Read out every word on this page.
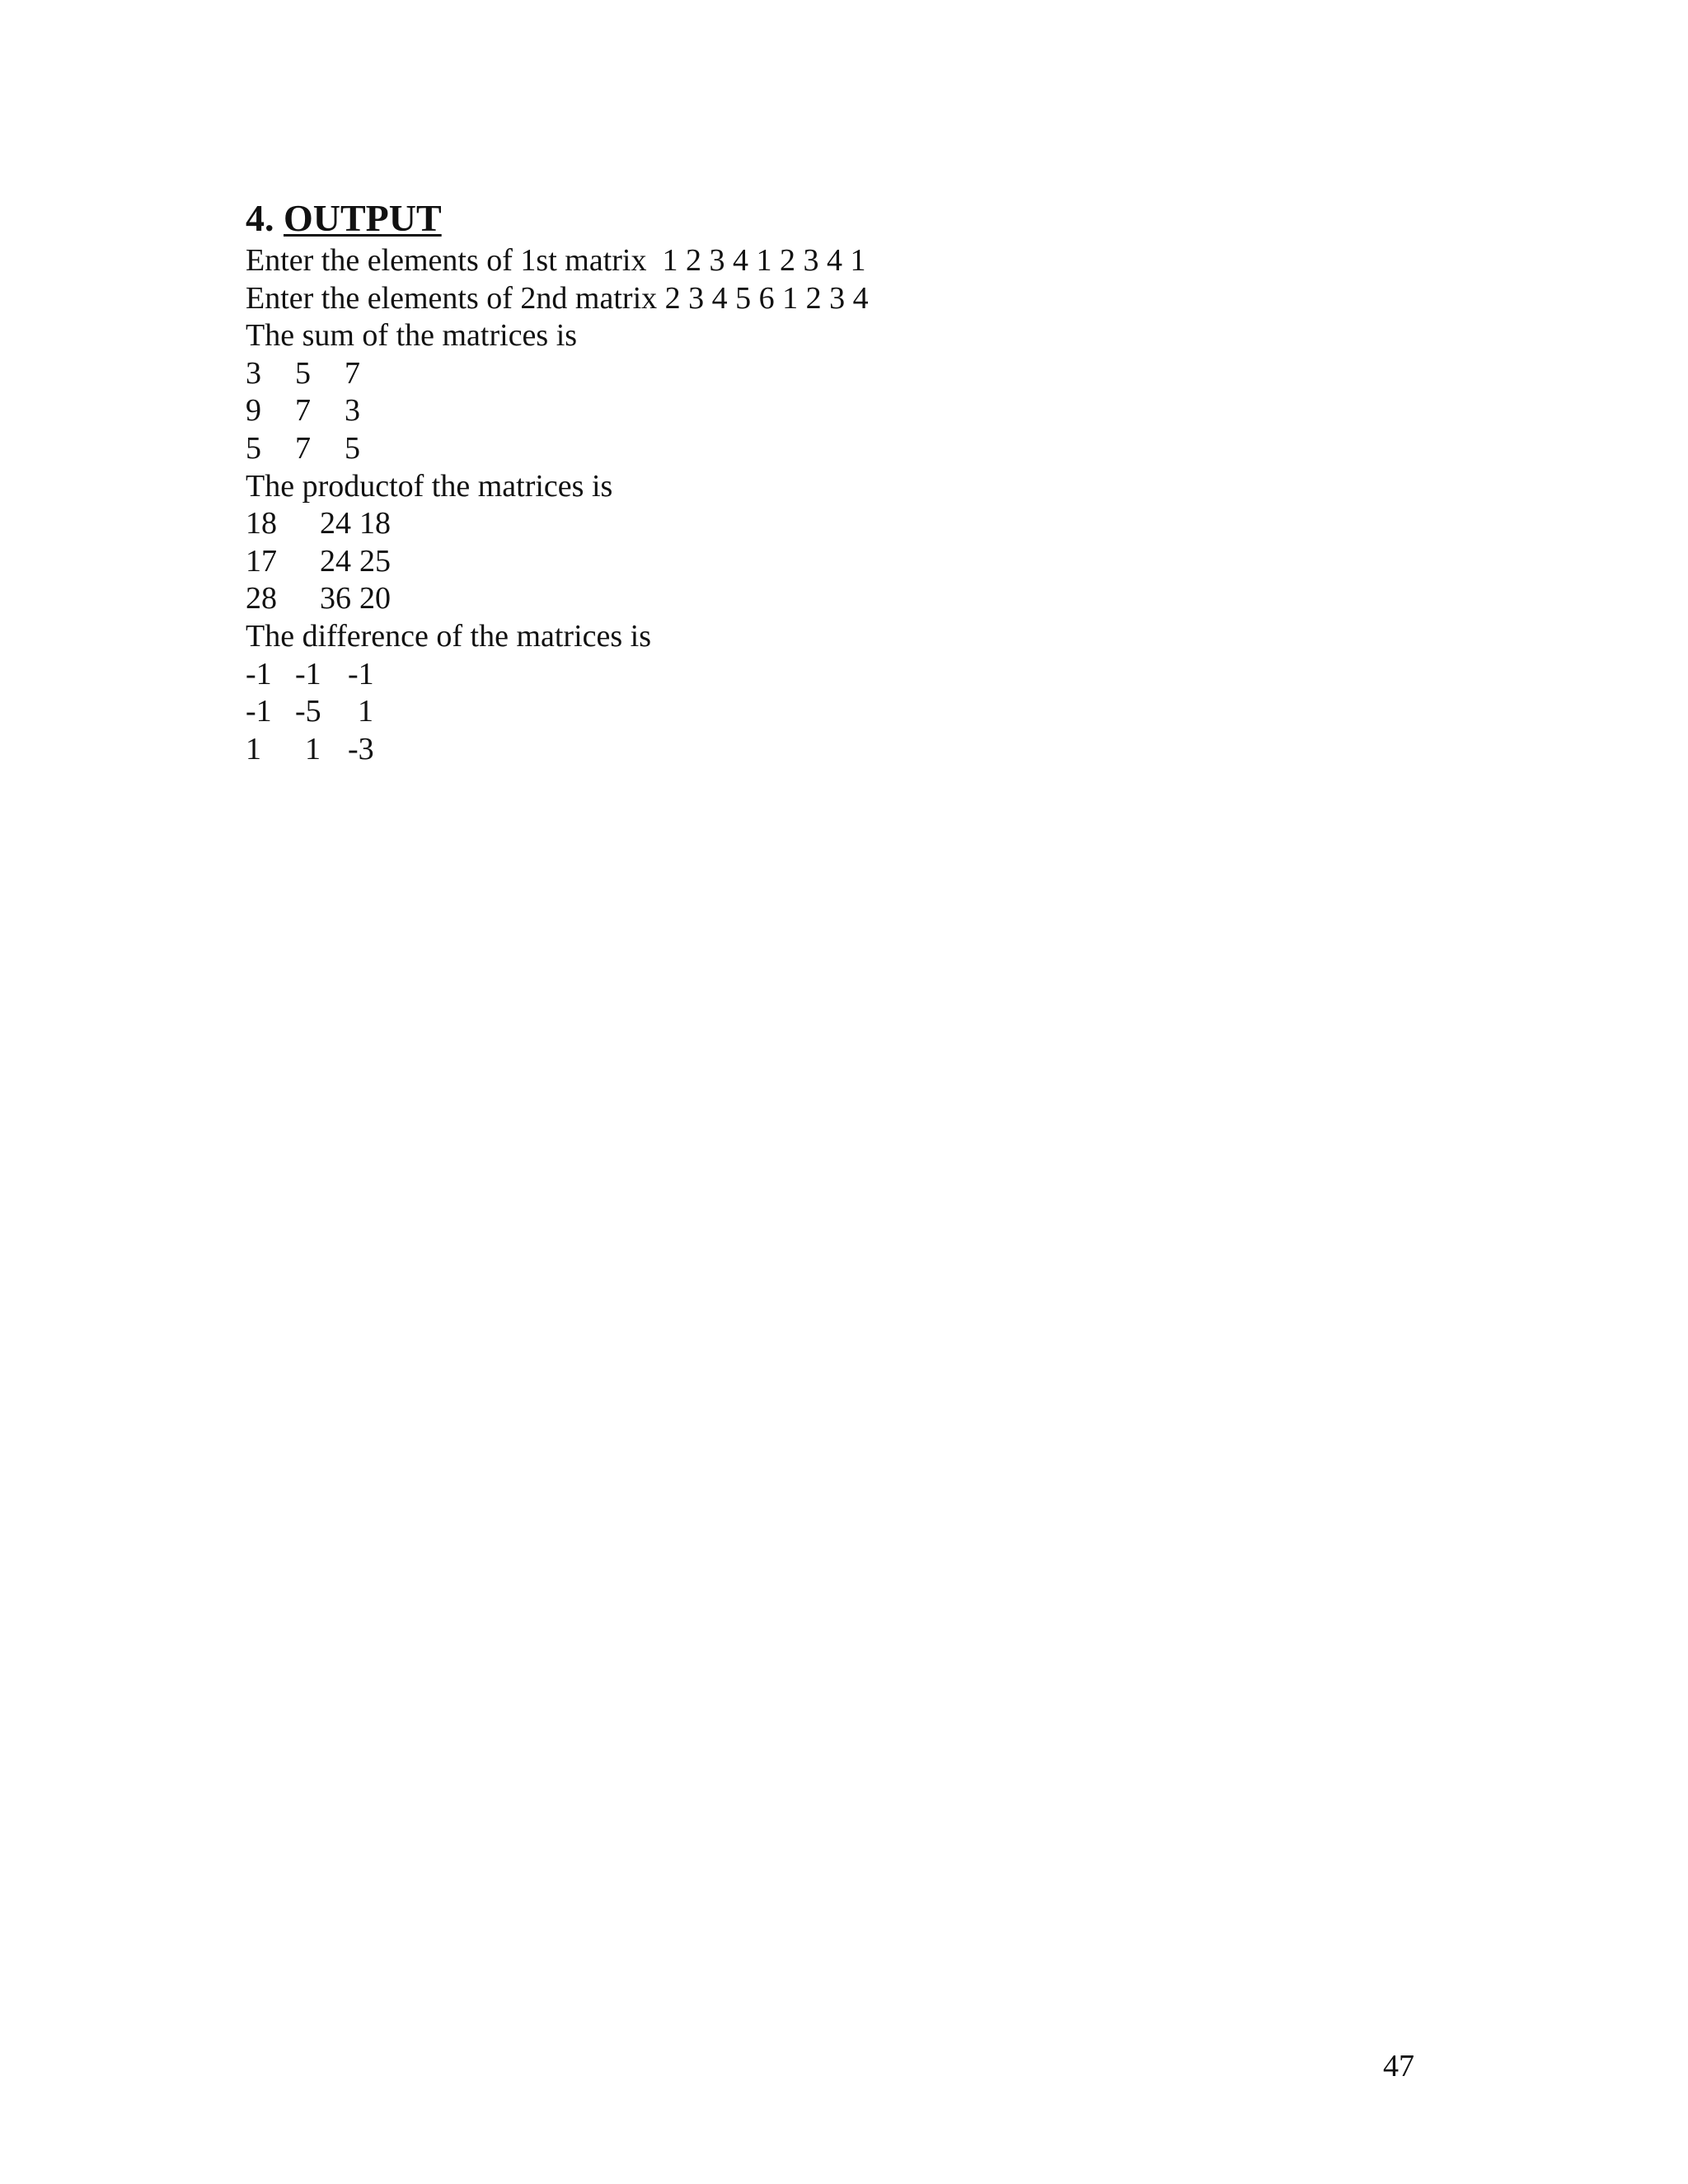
4. OUTPUT
Enter the elements of 1st matrix  1 2 3 4 1 2 3 4 1
Enter the elements of 2nd matrix 2 3 4 5 6 1 2 3 4
The sum of the matrices is
3 5 7
9 7 3
5 7 5
The productof the matrices is
18 24 18
17 24 25
28 36 20
The difference of the matrices is
-1 -1 -1
-1 -5 1
1 1 -3
47
